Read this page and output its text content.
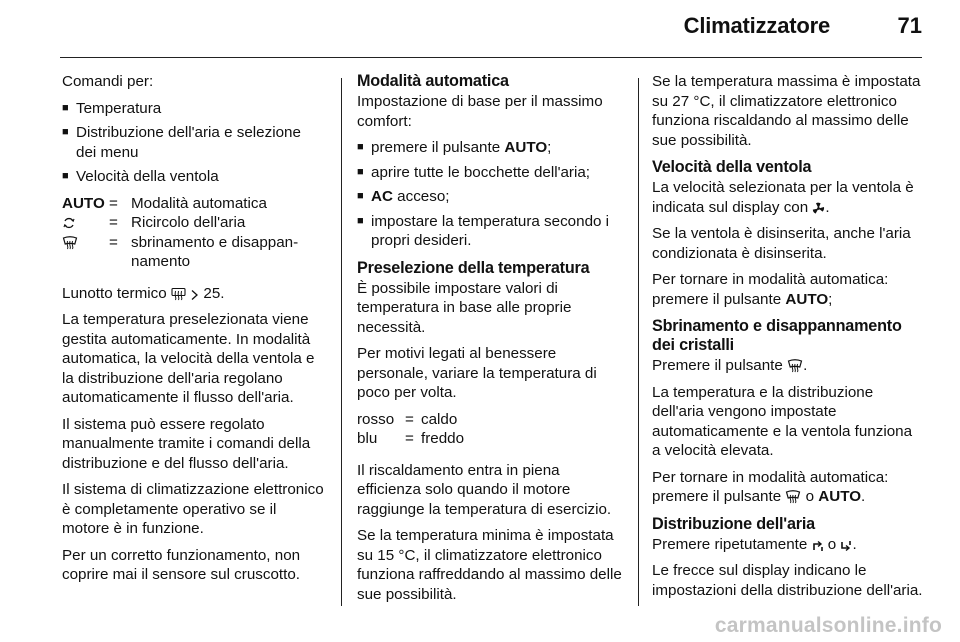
Climatizzatore	71

Comandi per:

■ Temperatura
■ Distribuzione dell'aria e selezione dei menu
■ Velocità della ventola
AUTO	=	Modalità automatica
	=	Ricircolo dell'aria
	=	sbrinamento e disappan-namento

Lunotto termico 25.

La temperatura preselezionata viene gestita automaticamente. In modalità automatica, la velocità della ventola e la distribuzione dell'aria regolano automaticamente il flusso dell'aria.

Il sistema può essere regolato manualmente tramite i comandi della distribuzione e del flusso dell'aria.

Il sistema di climatizzazione elettronico è completamente operativo se il motore è in funzione.

Per un corretto funzionamento, non coprire mai il sensore sul cruscotto.

Modalità automatica

Impostazione di base per il massimo comfort:

■ premere il pulsante AUTO;
■ aprire tutte le bocchette dell'aria;
■ AC acceso;
■ impostare la temperatura secondo i propri desideri.
Preselezione della temperatura

È possibile impostare valori di temperatura in base alle proprie necessità.

Per motivi legati al benessere personale, variare la temperatura di poco per volta.

rosso	=	caldo
blu	=	freddo

Il riscaldamento entra in piena efficienza solo quando il motore raggiunge la temperatura di esercizio.

Se la temperatura minima è impostata su 15 °C, il climatizzatore elettronico funziona raffreddando al massimo delle sue possibilità.

Se la temperatura massima è impostata su 27 °C, il climatizzatore elettronico funziona riscaldando al massimo delle sue possibilità.

Velocità della ventola

La velocità selezionata per la ventola è indicata sul display con .

Se la ventola è disinserita, anche l'aria condizionata è disinserita.

Per tornare in modalità automatica: premere il pulsante AUTO;

Sbrinamento e disappannamento dei cristalli

Premere il pulsante .

La temperatura e la distribuzione dell'aria vengono impostate automaticamente e la ventola funziona a velocità elevata.

Per tornare in modalità automatica: premere il pulsante  o AUTO.

Distribuzione dell'aria

Premere ripetutamente  o .

Le frecce sul display indicano le impostazioni della distribuzione dell'aria.

carmanualsonline.info
